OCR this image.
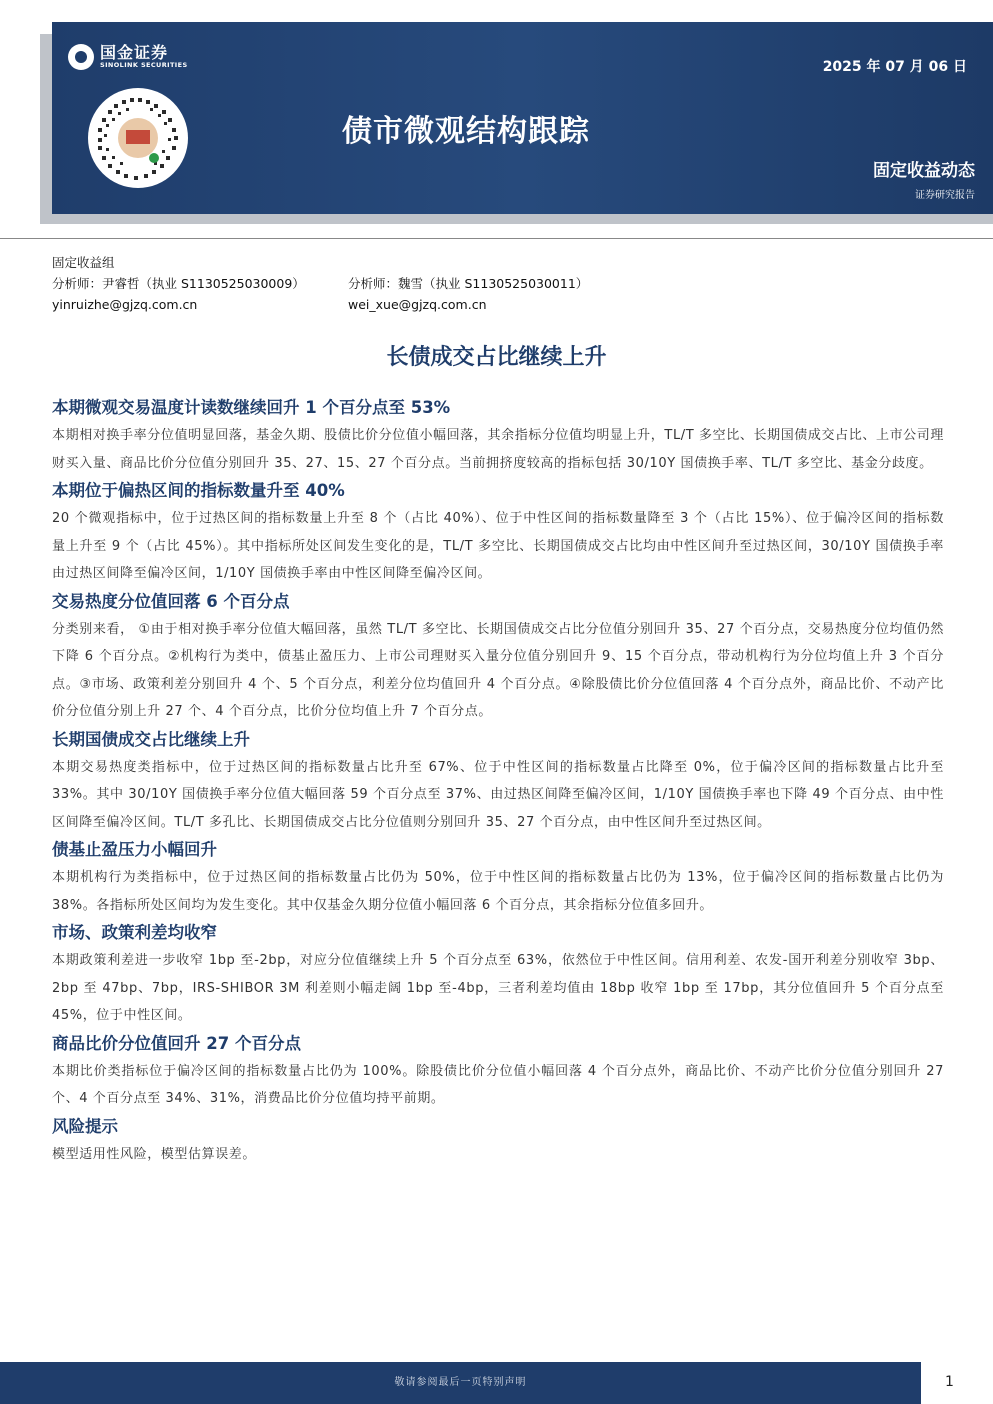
国金证券
SINOLINK SECURITIES	2025 年 07 月 06 日
债市微观结构跟踪
固定收益动态
证券研究报告
固定收益组
分析师：尹睿哲（执业 S1130525030009）	分析师：魏雪（执业 S1130525030011）
yinruizhe@gjzq.com.cn	wei_xue@gjzq.com.cn
长债成交占比继续上升
本期微观交易温度计读数继续回升 1 个百分点至 53%

本期相对换手率分位值明显回落，基金久期、股债比价分位值小幅回落，其余指标分位值均明显上升，TL/T 多空比、长期国债成交占比、上市公司理财买入量、商品比价分位值分别回升 35、27、15、27 个百分点。当前拥挤度较高的指标包括 30/10Y 国债换手率、TL/T 多空比、基金分歧度。

本期位于偏热区间的指标数量升至 40%

20 个微观指标中，位于过热区间的指标数量上升至 8 个（占比 40%）、位于中性区间的指标数量降至 3 个（占比 15%）、位于偏冷区间的指标数量上升至 9 个（占比 45%）。其中指标所处区间发生变化的是，TL/T 多空比、长期国债成交占比均由中性区间升至过热区间，30/10Y 国债换手率由过热区间降至偏冷区间，1/10Y 国债换手率由中性区间降至偏冷区间。

交易热度分位值回落 6 个百分点

分类别来看， ①由于相对换手率分位值大幅回落，虽然 TL/T 多空比、长期国债成交占比分位值分别回升 35、27 个百分点，交易热度分位均值仍然下降 6 个百分点。②机构行为类中，债基止盈压力、上市公司理财买入量分位值分别回升 9、15 个百分点，带动机构行为分位均值上升 3 个百分点。③市场、政策利差分别回升 4 个、5 个百分点，利差分位均值回升 4 个百分点。④除股债比价分位值回落 4 个百分点外，商品比价、不动产比价分位值分别上升 27 个、4 个百分点，比价分位均值上升 7 个百分点。

长期国债成交占比继续上升

本期交易热度类指标中，位于过热区间的指标数量占比升至 67%、位于中性区间的指标数量占比降至 0%，位于偏冷区间的指标数量占比升至 33%。其中 30/10Y 国债换手率分位值大幅回落 59 个百分点至 37%、由过热区间降至偏冷区间，1/10Y 国债换手率也下降 49 个百分点、由中性区间降至偏冷区间。TL/T 多孔比、长期国债成交占比分位值则分别回升 35、27 个百分点，由中性区间升至过热区间。

债基止盈压力小幅回升

本期机构行为类指标中，位于过热区间的指标数量占比仍为 50%，位于中性区间的指标数量占比仍为 13%，位于偏冷区间的指标数量占比仍为 38%。各指标所处区间均为发生变化。其中仅基金久期分位值小幅回落 6 个百分点，其余指标分位值多回升。

市场、政策利差均收窄

本期政策利差进一步收窄 1bp 至-2bp，对应分位值继续上升 5 个百分点至 63%，依然位于中性区间。信用利差、农发-国开利差分别收窄 3bp、2bp 至 47bp、7bp，IRS-SHIBOR 3M 利差则小幅走阔 1bp 至-4bp，三者利差均值由 18bp 收窄 1bp 至 17bp，其分位值回升 5 个百分点至 45%，位于中性区间。

商品比价分位值回升 27 个百分点

本期比价类指标位于偏冷区间的指标数量占比仍为 100%。除股债比价分位值小幅回落 4 个百分点外，商品比价、不动产比价分位值分别回升 27 个、4 个百分点至 34%、31%，消费品比价分位值均持平前期。

风险提示

模型适用性风险，模型估算误差。

敬请参阅最后一页特别声明	1
